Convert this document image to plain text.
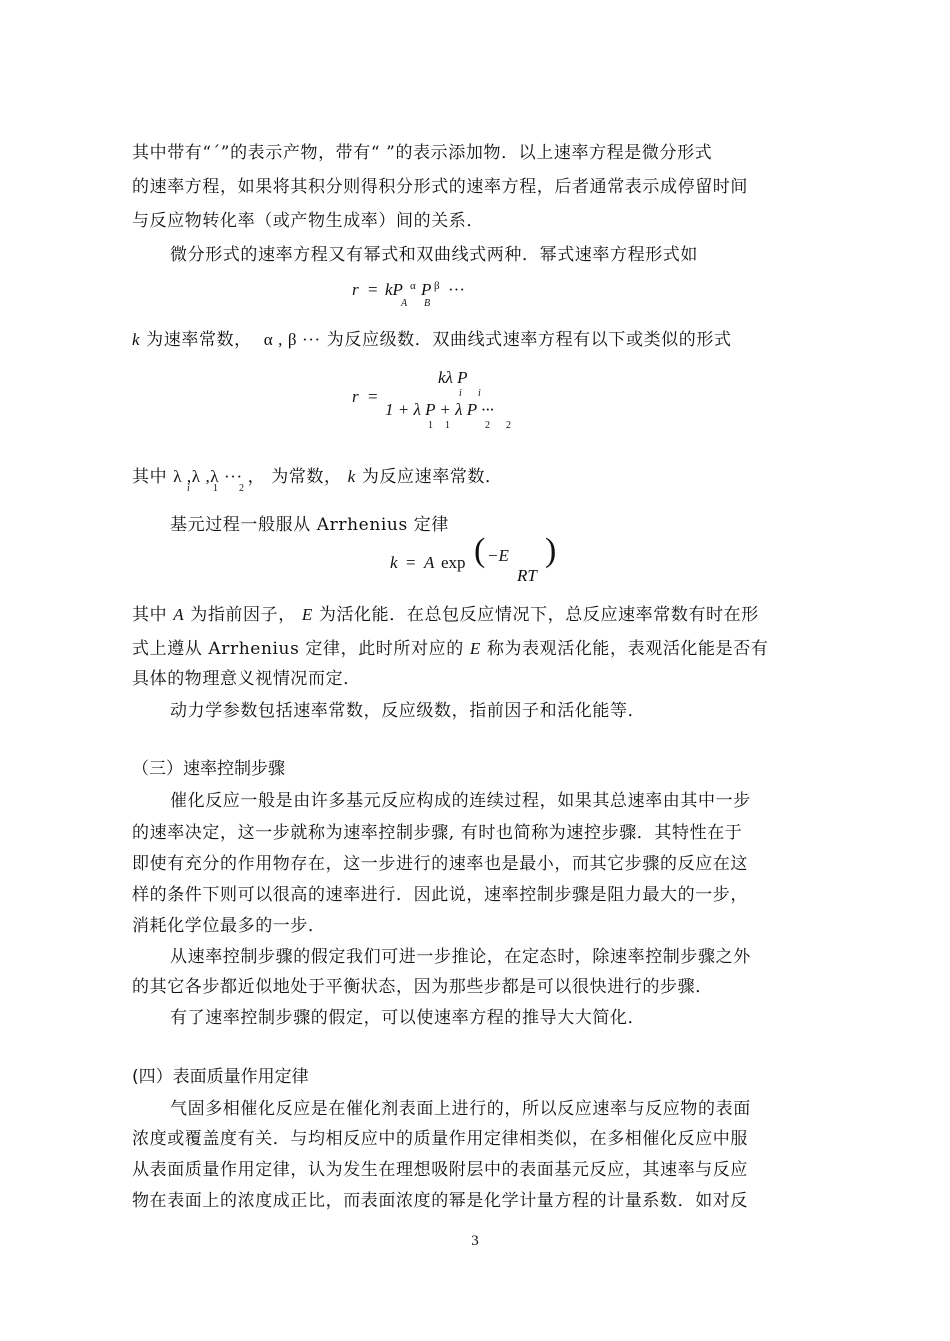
其中带有“ˊ”的表示产物，带有“ ”的表示添加物．以上速率方程是微分形式
的速率方程，如果将其积分则得积分形式的速率方程，后者通常表示成停留时间
与反应物转化率（或产物生成率）间的关系．
微分形式的速率方程又有幂式和双曲线式两种．幂式速率方程形式如
r = kP α P β ···
A B
k 为速率常数， α , β ··· 为反应级数．双曲线式速率方程有以下或类似的形式
r =
kλ P
i i
1 + λ P + λ P ···
1 1	2 2
其中 λ ,λ ,λ ··· ， 为常数， k 为反应速率常数．
i 1 2
基元过程一般服从 Arrhenius 定律
k = A exp ( −E
RT
)
其中 A 为指前因子， E 为活化能．在总包反应情况下，总反应速率常数有时在形
式上遵从 Arrhenius 定律，此时所对应的 E 称为表观活化能，表观活化能是否有
具体的物理意义视情况而定．
动力学参数包括速率常数，反应级数，指前因子和活化能等．
（三）速率控制步骤
催化反应一般是由许多基元反应构成的连续过程，如果其总速率由其中一步
的速率决定，这一步就称为速率控制步骤, 有时也简称为速控步骤．其特性在于
即使有充分的作用物存在，这一步进行的速率也是最小，而其它步骤的反应在这
样的条件下则可以很高的速率进行．因此说，速率控制步骤是阻力最大的一步，
消耗化学位最多的一步．
从速率控制步骤的假定我们可进一步推论，在定态时，除速率控制步骤之外
的其它各步都近似地处于平衡状态，因为那些步都是可以很快进行的步骤．
有了速率控制步骤的假定，可以使速率方程的推导大大简化．
(四）表面质量作用定律
气固多相催化反应是在催化剂表面上进行的，所以反应速率与反应物的表面
浓度或覆盖度有关．与均相反应中的质量作用定律相类似，在多相催化反应中服
从表面质量作用定律，认为发生在理想吸附层中的表面基元反应，其速率与反应
物在表面上的浓度成正比，而表面浓度的幂是化学计量方程的计量系数．如对反
3
